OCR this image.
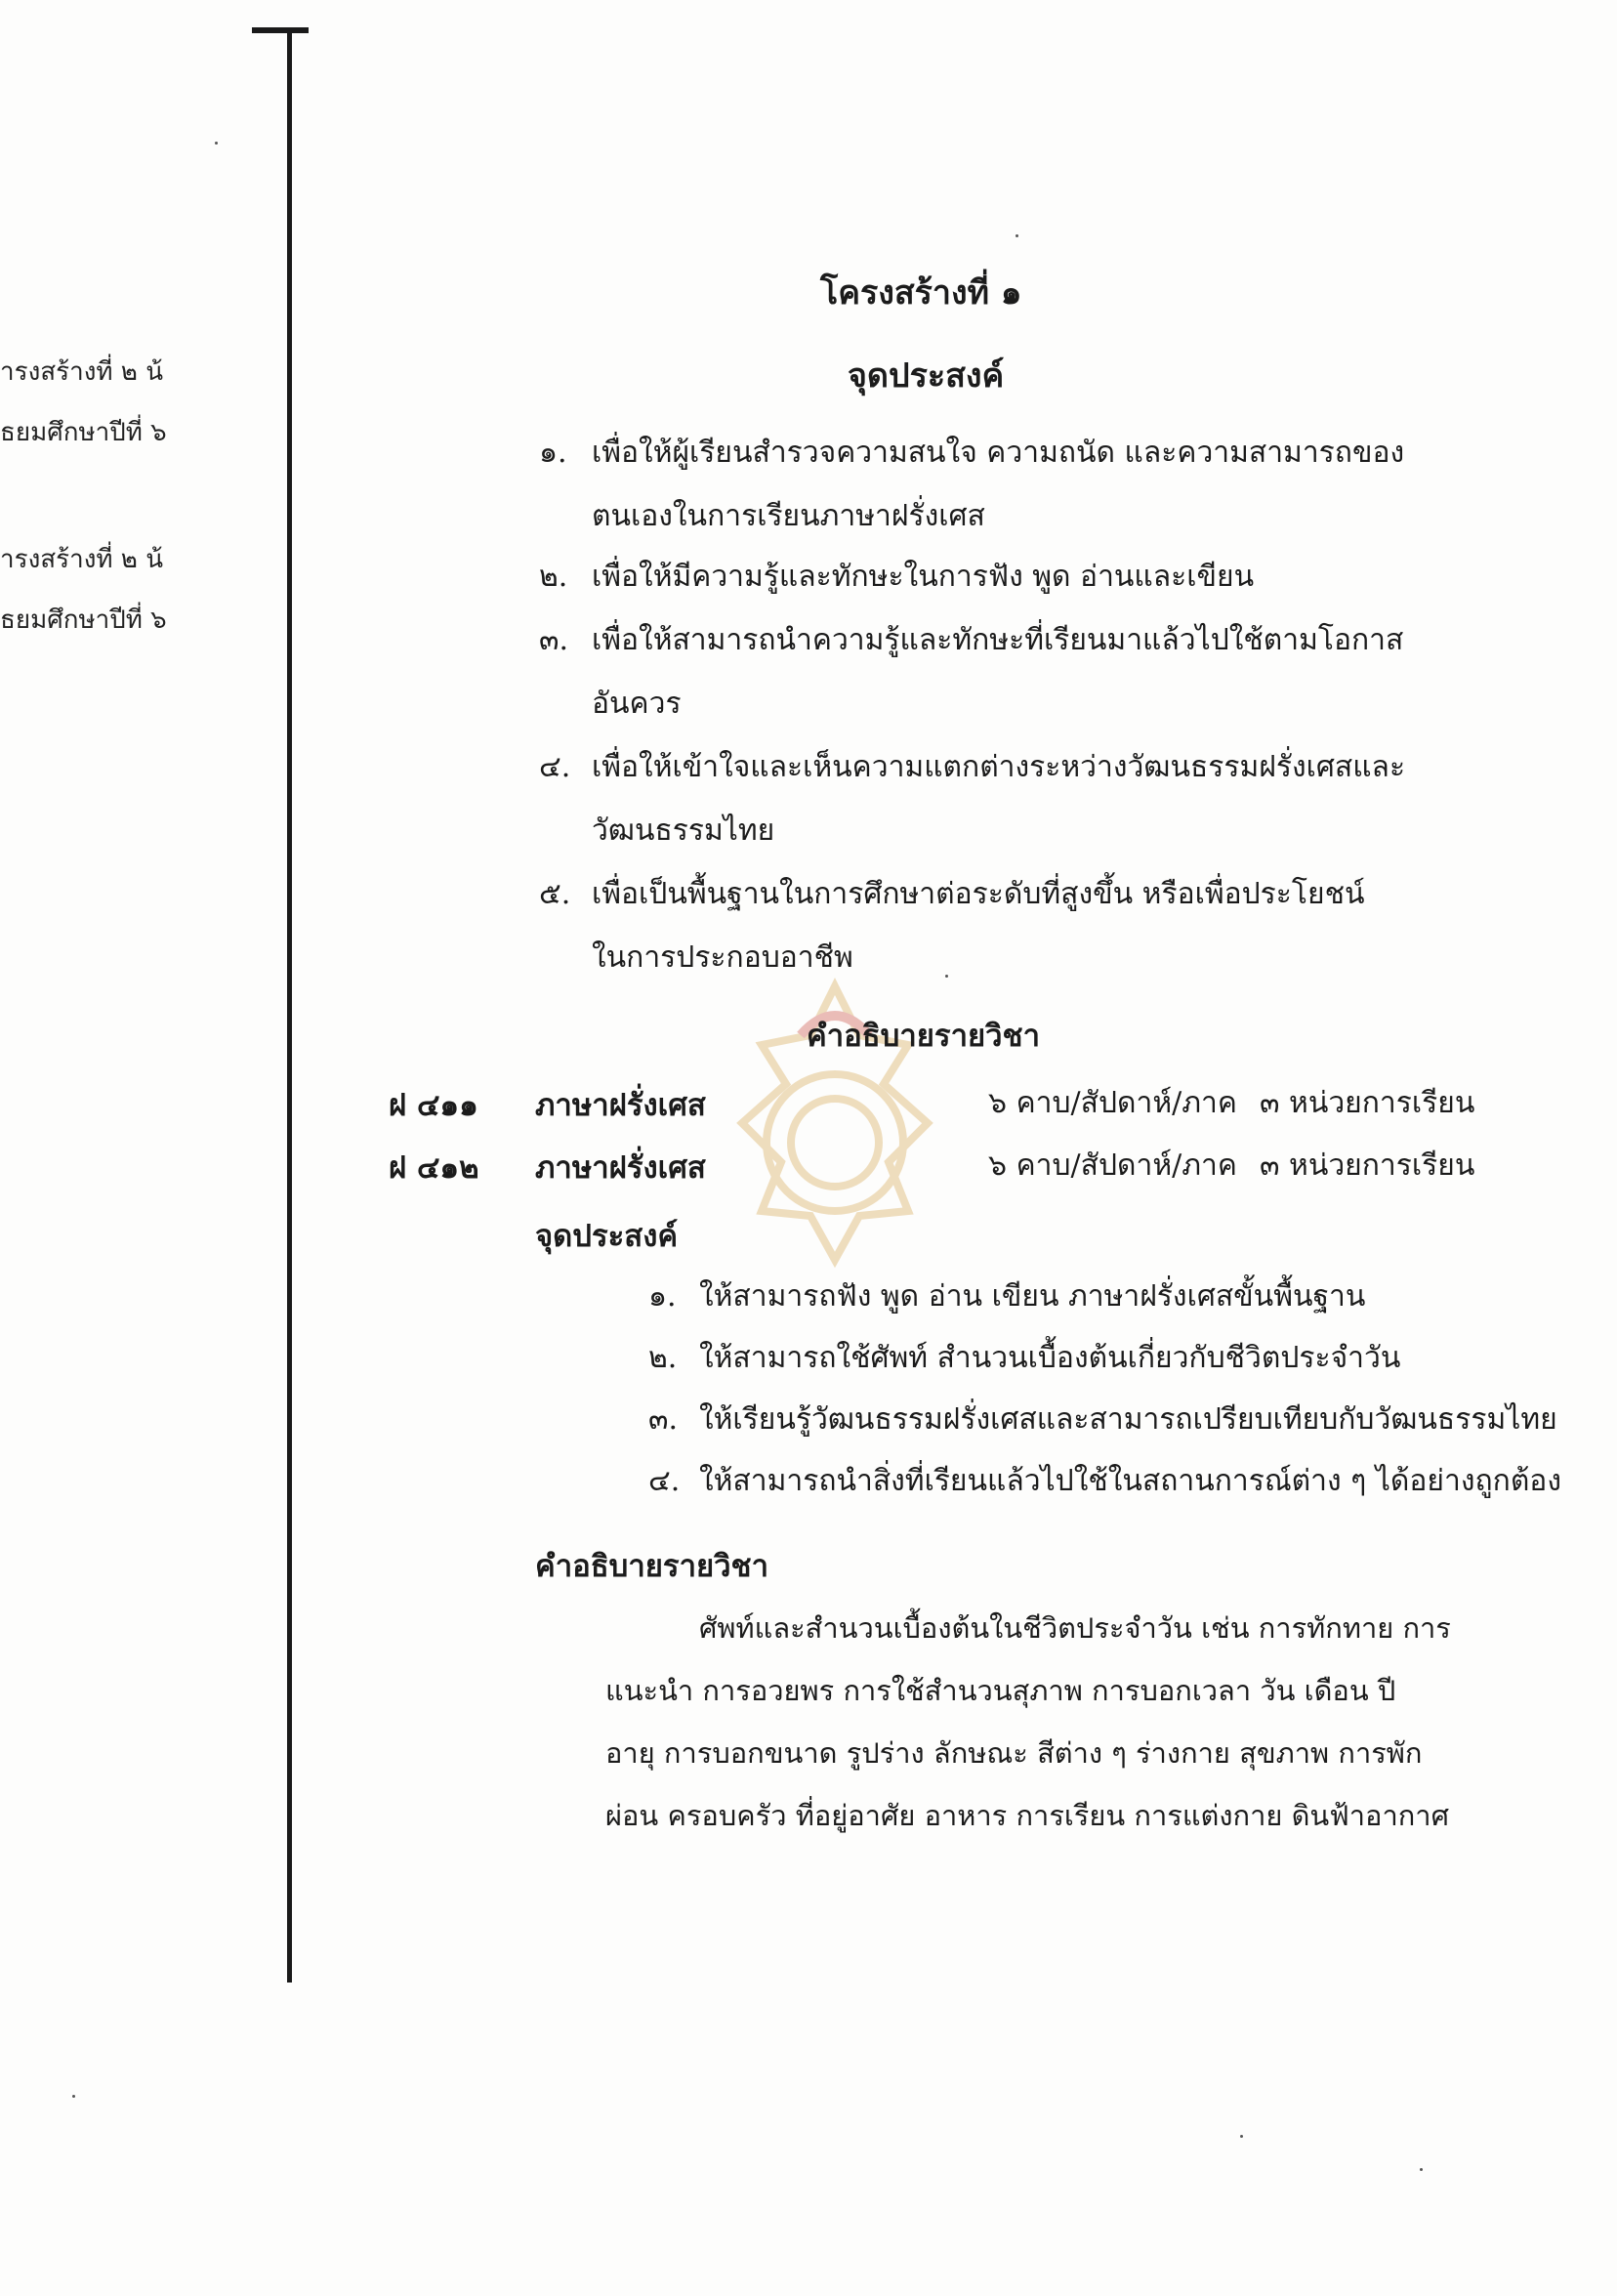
ารงสร้างที่ ๒ น้
ธยมศึกษาปีที่ ๖
ารงสร้างที่ ๒ น้
ธยมศึกษาปีที่ ๖
โครงสร้างที่ ๑
จุดประสงค์
๑. เพื่อให้ผู้เรียนสำรวจความสนใจ ความถนัด และความสามารถของ
ตนเองในการเรียนภาษาฝรั่งเศส
๒. เพื่อให้มีความรู้และทักษะในการฟัง พูด อ่านและเขียน
๓. เพื่อให้สามารถนำความรู้และทักษะที่เรียนมาแล้วไปใช้ตามโอกาส
อันควร
๔. เพื่อให้เข้าใจและเห็นความแตกต่างระหว่างวัฒนธรรมฝรั่งเศสและ
วัฒนธรรมไทย
๕. เพื่อเป็นพื้นฐานในการศึกษาต่อระดับที่สูงขึ้น หรือเพื่อประโยชน์
ในการประกอบอาชีพ
คำอธิบายรายวิชา
ฝ ๔๑๑ ภาษาฝรั่งเศส	๖ คาบ/สัปดาห์/ภาค ๓ หน่วยการเรียน
ฝ ๔๑๒ ภาษาฝรั่งเศส	๖ คาบ/สัปดาห์/ภาค ๓ หน่วยการเรียน
จุดประสงค์
๑. ให้สามารถฟัง พูด อ่าน เขียน ภาษาฝรั่งเศสขั้นพื้นฐาน
๒. ให้สามารถใช้ศัพท์ สำนวนเบื้องต้นเกี่ยวกับชีวิตประจำวัน
๓. ให้เรียนรู้วัฒนธรรมฝรั่งเศสและสามารถเปรียบเทียบกับวัฒนธรรมไทย
๔. ให้สามารถนำสิ่งที่เรียนแล้วไปใช้ในสถานการณ์ต่าง ๆ ได้อย่างถูกต้อง
คำอธิบายรายวิชา
ศัพท์และสำนวนเบื้องต้นในชีวิตประจำวัน เช่น การทักทาย การ
แนะนำ การอวยพร การใช้สำนวนสุภาพ การบอกเวลา วัน เดือน ปี
อายุ การบอกขนาด รูปร่าง ลักษณะ สีต่าง ๆ ร่างกาย สุขภาพ การพัก
ผ่อน ครอบครัว ที่อยู่อาศัย อาหาร การเรียน การแต่งกาย ดินฟ้าอากาศ
